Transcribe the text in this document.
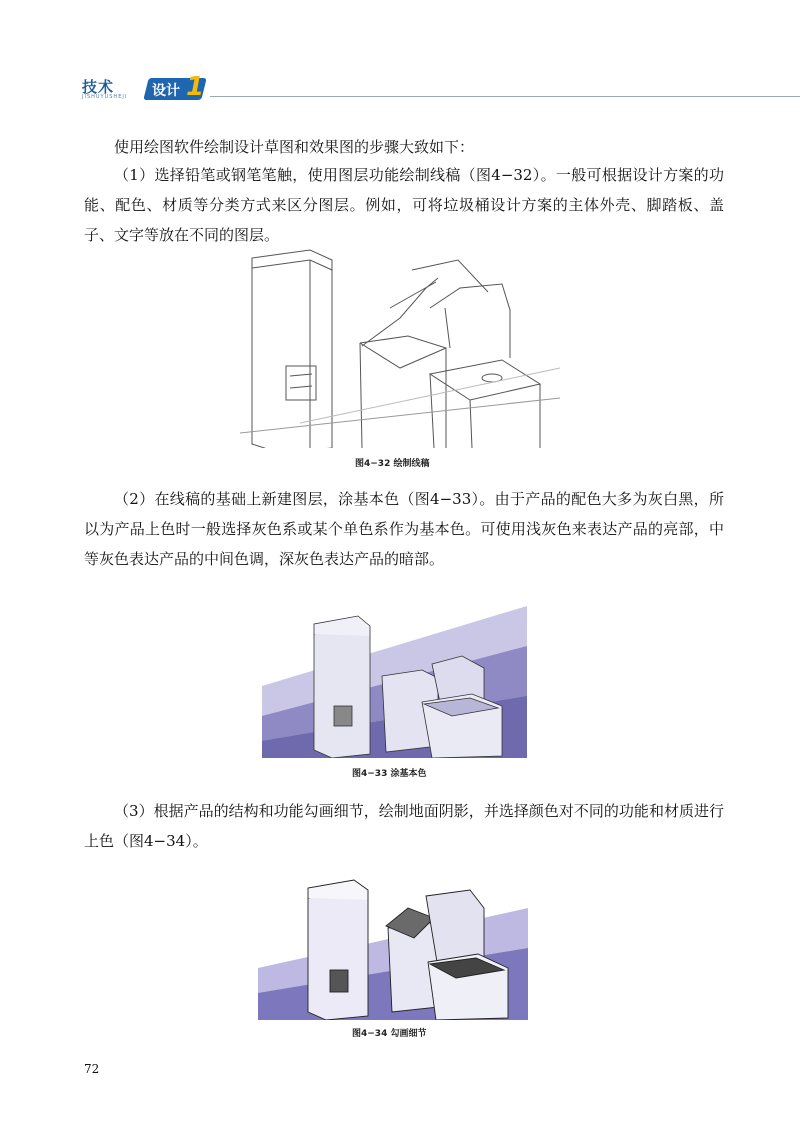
技术
JISHUYUSHEJI 设计 1

使用绘图软件绘制设计草图和效果图的步骤大致如下：

（1）选择铅笔或钢笔笔触，使用图层功能绘制线稿（图4−32）。一般可根据设计方案的功能、配色、材质等分类方式来区分图层。例如，可将垃圾桶设计方案的主体外壳、脚踏板、盖子、文字等放在不同的图层。

图4−32 绘制线稿

（2）在线稿的基础上新建图层，涂基本色（图4−33）。由于产品的配色大多为灰白黑，所以为产品上色时一般选择灰色系或某个单色系作为基本色。可使用浅灰色来表达产品的亮部，中等灰色表达产品的中间色调，深灰色表达产品的暗部。

图4−33 涂基本色

（3）根据产品的结构和功能勾画细节，绘制地面阴影，并选择颜色对不同的功能和材质进行上色（图4−34）。

图4−34 勾画细节
72
